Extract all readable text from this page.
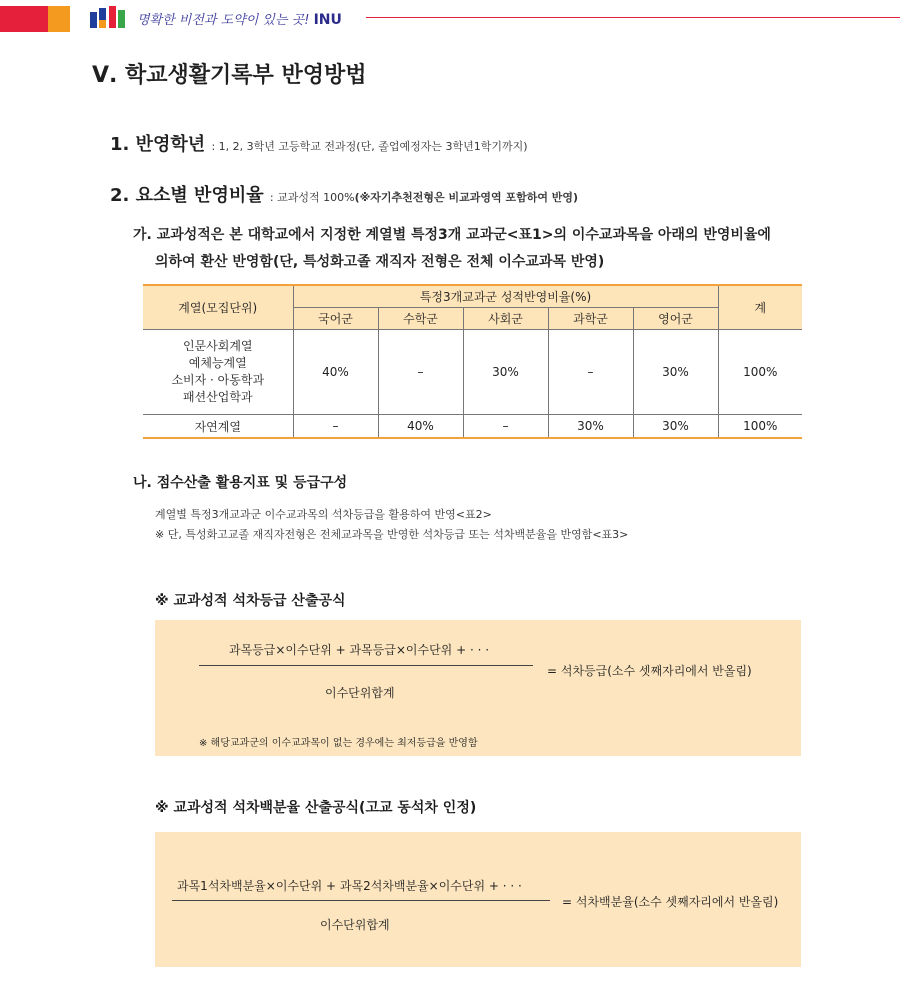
명확한 비전과 도약이 있는 곳! INU
Ⅴ. 학교생활기록부 반영방법
1. 반영학년 : 1, 2, 3학년 고등학교 전과정(단, 졸업예정자는 3학년1학기까지)
2. 요소별 반영비율 : 교과성적 100%(※자기추천전형은 비교과영역 포함하여 반영)
가. 교과성적은 본 대학교에서 지정한 계열별 특정3개 교과군<표1>의 이수교과목을 아래의 반영비율에
의하여 환산 반영함(단, 특성화고졸 재직자 전형은 전체 이수교과목 반영)
계열(모집단위)	특정3개교과군 성적반영비율(%)					계
	국어군	수학군	사회군	과학군	영어군	

인문사회계열
예체능계열
소비자 · 아동학과
패션산업학과	40%	–	30%	–	30%	100%
자연계열	–	40%	–	30%	30%	100%
나. 점수산출 활용지표 및 등급구성
계열별 특정3개교과군 이수교과목의 석차등급을 활용하여 반영<표2>
※ 단, 특성화고교졸 재직자전형은 전체교과목을 반영한 석차등급 또는 석차백분율을 반영함<표3>
※ 교과성적 석차등급 산출공식
과목등급×이수단위 + 과목등급×이수단위 + · · ·
이수단위합계
= 석차등급(소수 셋째자리에서 반올림)
※ 해당교과군의 이수교과목이 없는 경우에는 최저등급을 반영함
※ 교과성적 석차백분율 산출공식(고교 동석차 인정)
과목1석차백분율×이수단위 + 과목2석차백분율×이수단위 + · · ·
이수단위합계
= 석차백분율(소수 셋째자리에서 반올림)
